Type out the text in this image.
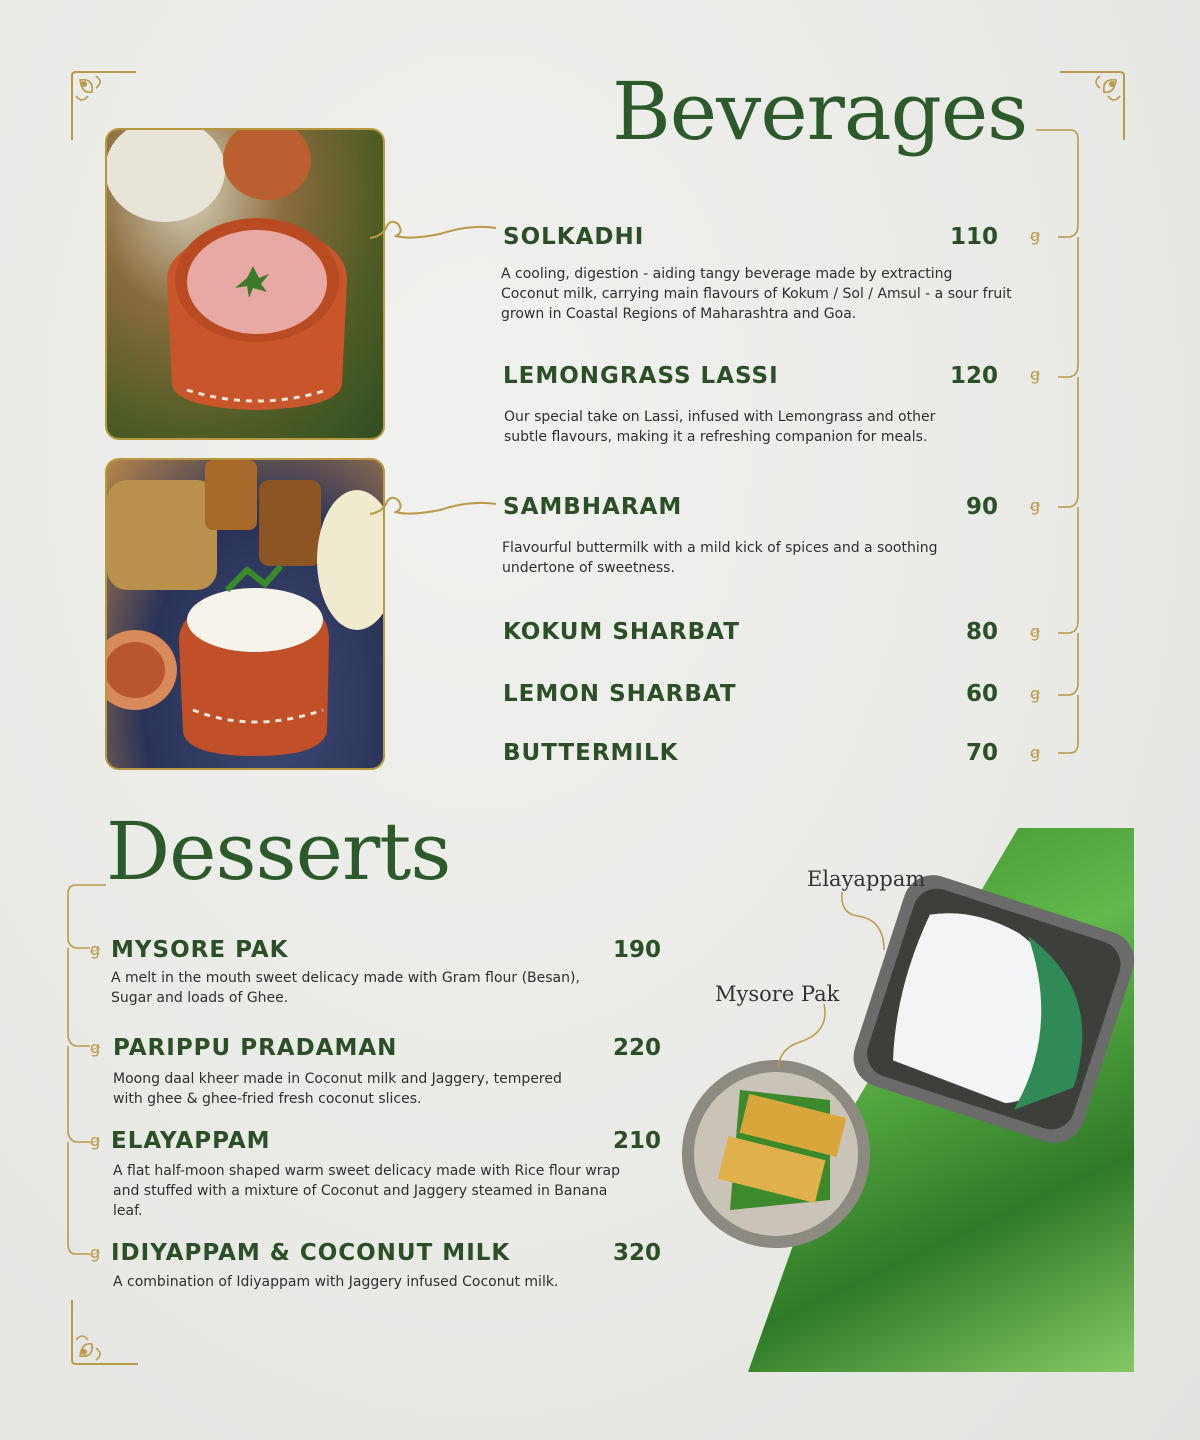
Beverages
Desserts
SOLKADHI	110
A cooling, digestion - aiding tangy beverage made by extracting
Coconut milk, carrying main flavours of Kokum / Sol / Amsul - a sour fruit
grown in Coastal Regions of Maharashtra and Goa.
ꞡ
LEMONGRASS LASSI	120
Our special take on Lassi, infused with Lemongrass and other
subtle flavours, making it a refreshing companion for meals.
ꞡ
SAMBHARAM	90
Flavourful buttermilk with a mild kick of spices and a soothing
undertone of sweetness.
ꞡ
KOKUM SHARBAT	80 ꞡ
LEMON SHARBAT	60 ꞡ
BUTTERMILK	70 ꞡ
MYSORE PAK	190
A melt in the mouth sweet delicacy made with Gram flour (Besan),
Sugar and loads of Ghee.
ꞡ
PARIPPU PRADAMAN	220
Moong daal kheer made in Coconut milk and Jaggery, tempered
with ghee & ghee-fried fresh coconut slices.
ꞡ
ELAYAPPAM	210
A flat half-moon shaped warm sweet delicacy made with Rice flour wrap
and stuffed with a mixture of Coconut and Jaggery steamed in Banana
leaf.
ꞡ
IDIYAPPAM & COCONUT MILK	320
A combination of Idiyappam with Jaggery infused Coconut milk.
ꞡ
Elayappam
Mysore Pak
